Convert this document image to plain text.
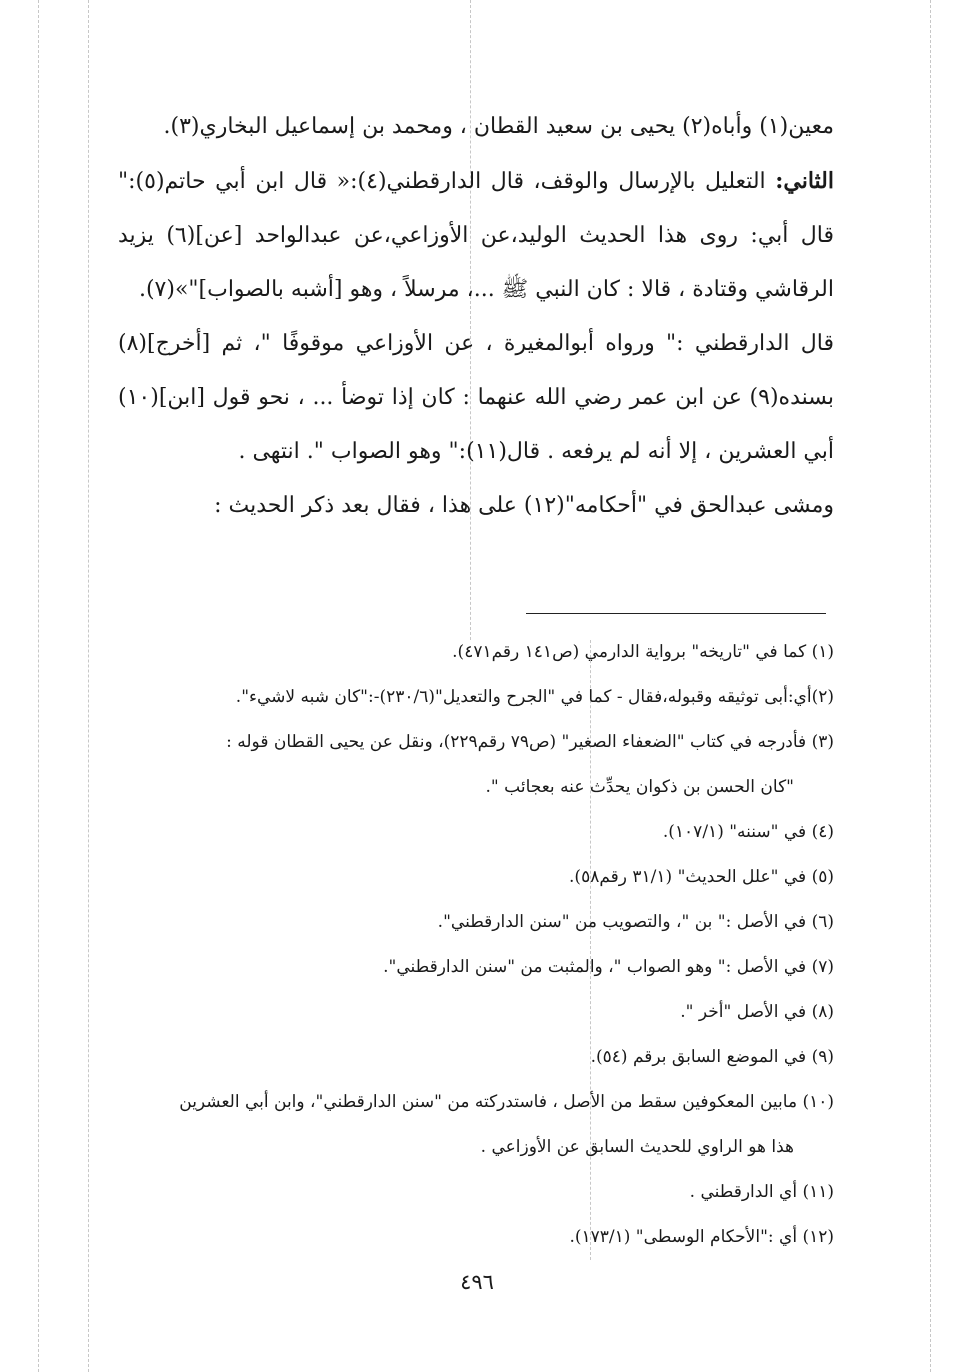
معين(١) وأباه(٢) يحيى بن سعيد القطان ، ومحمد بن إسماعيل البخاري(٣).

الثاني: التعليل بالإرسال والوقف، قال الدارقطني(٤):« قال ابن أبي حاتم(٥):" قال أبي: روى هذا الحديث الوليد،عن الأوزاعي،عن عبدالواحد [عن](٦) يزيد الرقاشي وقتادة ، قالا : كان النبي ﷺ ...، مرسلاً ، وهو [أشبه بالصواب]"»(٧).

قال الدارقطني :" ورواه أبوالمغيرة ، عن الأوزاعي موقوفًا "، ثم [أخرج](٨) بسنده(٩) عن ابن عمر رضي الله عنهما : كان إذا توضأ ... ، نحو قول [ابن](١٠) أبي العشرين ، إلا أنه لم يرفعه . قال(١١):" وهو الصواب ". انتهى .

ومشى عبدالحق في "أحكامه"(١٢) على هذا ، فقال بعد ذكر الحديث :

(١) كما في "تاريخه" برواية الدارمي (ص١٤١ رقم٤٧١).

(٢)أي:أبى توثيقه وقبوله،فقال - كما في "الجرح والتعديل"(٢٣٠/٦)-:"كان شبه لاشيء".

(٣) فأدرجه في كتاب "الضعفاء الصغير" (ص٧٩ رقم٢٢٩)، ونقل عن يحيى القطان قوله :

"كان الحسن بن ذكوان يحدِّث عنه بعجائب ".

(٤) في "سننه" (١٠٧/١).

(٥) في "علل الحديث" (٣١/١ رقم٥٨).

(٦) في الأصل :" بن "، والتصويب من "سنن الدارقطني".

(٧) في الأصل :" وهو الصواب "، والمثبت من "سنن الدارقطني".

(٨) في الأصل "أخر ".

(٩) في الموضع السابق برقم (٥٤).

(١٠) مابين المعكوفين سقط من الأصل ، فاستدركته من "سنن الدارقطني"، وابن أبي العشرين

هذا هو الراوي للحديث السابق عن الأوزاعي .

(١١) أي الدارقطني .

(١٢) أي :"الأحكام الوسطى" (١٧٣/١).

٤٩٦
